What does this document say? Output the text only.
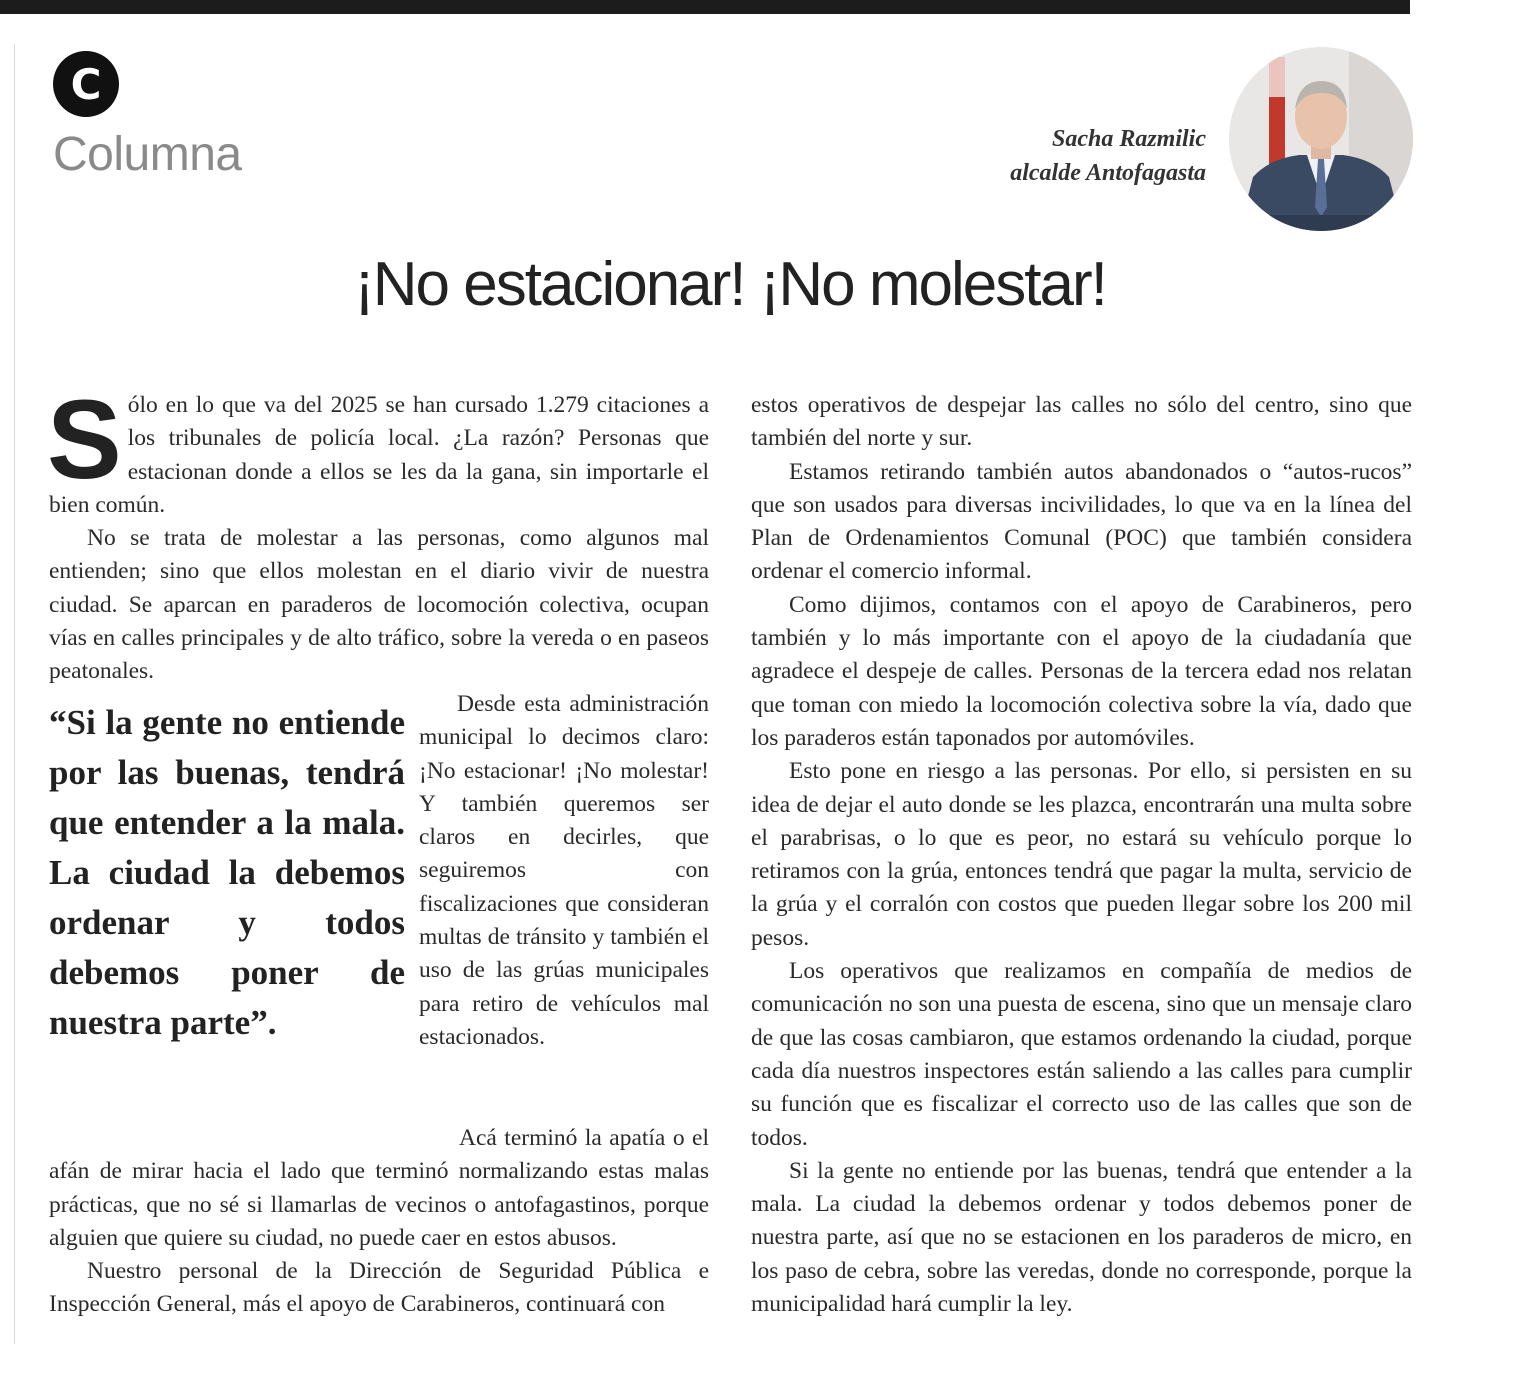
C
Columna	Sacha Razmilic
alcalde Antofagasta
¡No estacionar! ¡No molestar!

Sólo en lo que va del 2025 se han cursado 1.279 citaciones a los tribunales de policía local. ¿La razón? Personas que estacionan donde a ellos se les da la gana, sin importarle el bien común.

No se trata de molestar a las personas, como algunos mal entienden; sino que ellos molestan en el diario vivir de nuestra ciudad. Se aparcan en paraderos de locomoción colectiva, ocupan vías en calles principales y de alto tráfico, sobre la vereda o en paseos peatonales.

“Si la gente no entiende por las buenas, tendrá que entender a la mala. La ciudad la debemos ordenar y todos debemos poner de nuestra parte”.

Desde esta administración municipal lo decimos claro: ¡No estacionar! ¡No molestar! Y también queremos ser claros en decirles, que seguiremos con fiscalizaciones que consideran multas de tránsito y también el uso de las grúas municipales para retiro de vehículos mal estacionados.

Acá terminó la apatía o el afán de mirar hacia el lado que terminó normalizando estas malas prácticas, que no sé si llamarlas de vecinos o antofagastinos, porque alguien que quiere su ciudad, no puede caer en estos abusos.

Nuestro personal de la Dirección de Seguridad Pública e Inspección General, más el apoyo de Carabineros, continuará con

estos operativos de despejar las calles no sólo del centro, sino que también del norte y sur.

Estamos retirando también autos abandonados o “autos-rucos” que son usados para diversas incivilidades, lo que va en la línea del Plan de Ordenamientos Comunal (POC) que también considera ordenar el comercio informal.

Como dijimos, contamos con el apoyo de Carabineros, pero también y lo más importante con el apoyo de la ciudadanía que agradece el despeje de calles. Personas de la tercera edad nos relatan que toman con miedo la locomoción colectiva sobre la vía, dado que los paraderos están taponados por automóviles.

Esto pone en riesgo a las personas. Por ello, si persisten en su idea de dejar el auto donde se les plazca, encontrarán una multa sobre el parabrisas, o lo que es peor, no estará su vehículo porque lo retiramos con la grúa, entonces tendrá que pagar la multa, servicio de la grúa y el corralón con costos que pueden llegar sobre los 200 mil pesos.

Los operativos que realizamos en compañía de medios de comunicación no son una puesta de escena, sino que un mensaje claro de que las cosas cambiaron, que estamos ordenando la ciudad, porque cada día nuestros inspectores están saliendo a las calles para cumplir su función que es fiscalizar el correcto uso de las calles que son de todos.

Si la gente no entiende por las buenas, tendrá que entender a la mala. La ciudad la debemos ordenar y todos debemos poner de nuestra parte, así que no se estacionen en los paraderos de micro, en los paso de cebra, sobre las veredas, donde no corresponde, porque la municipalidad hará cumplir la ley.
